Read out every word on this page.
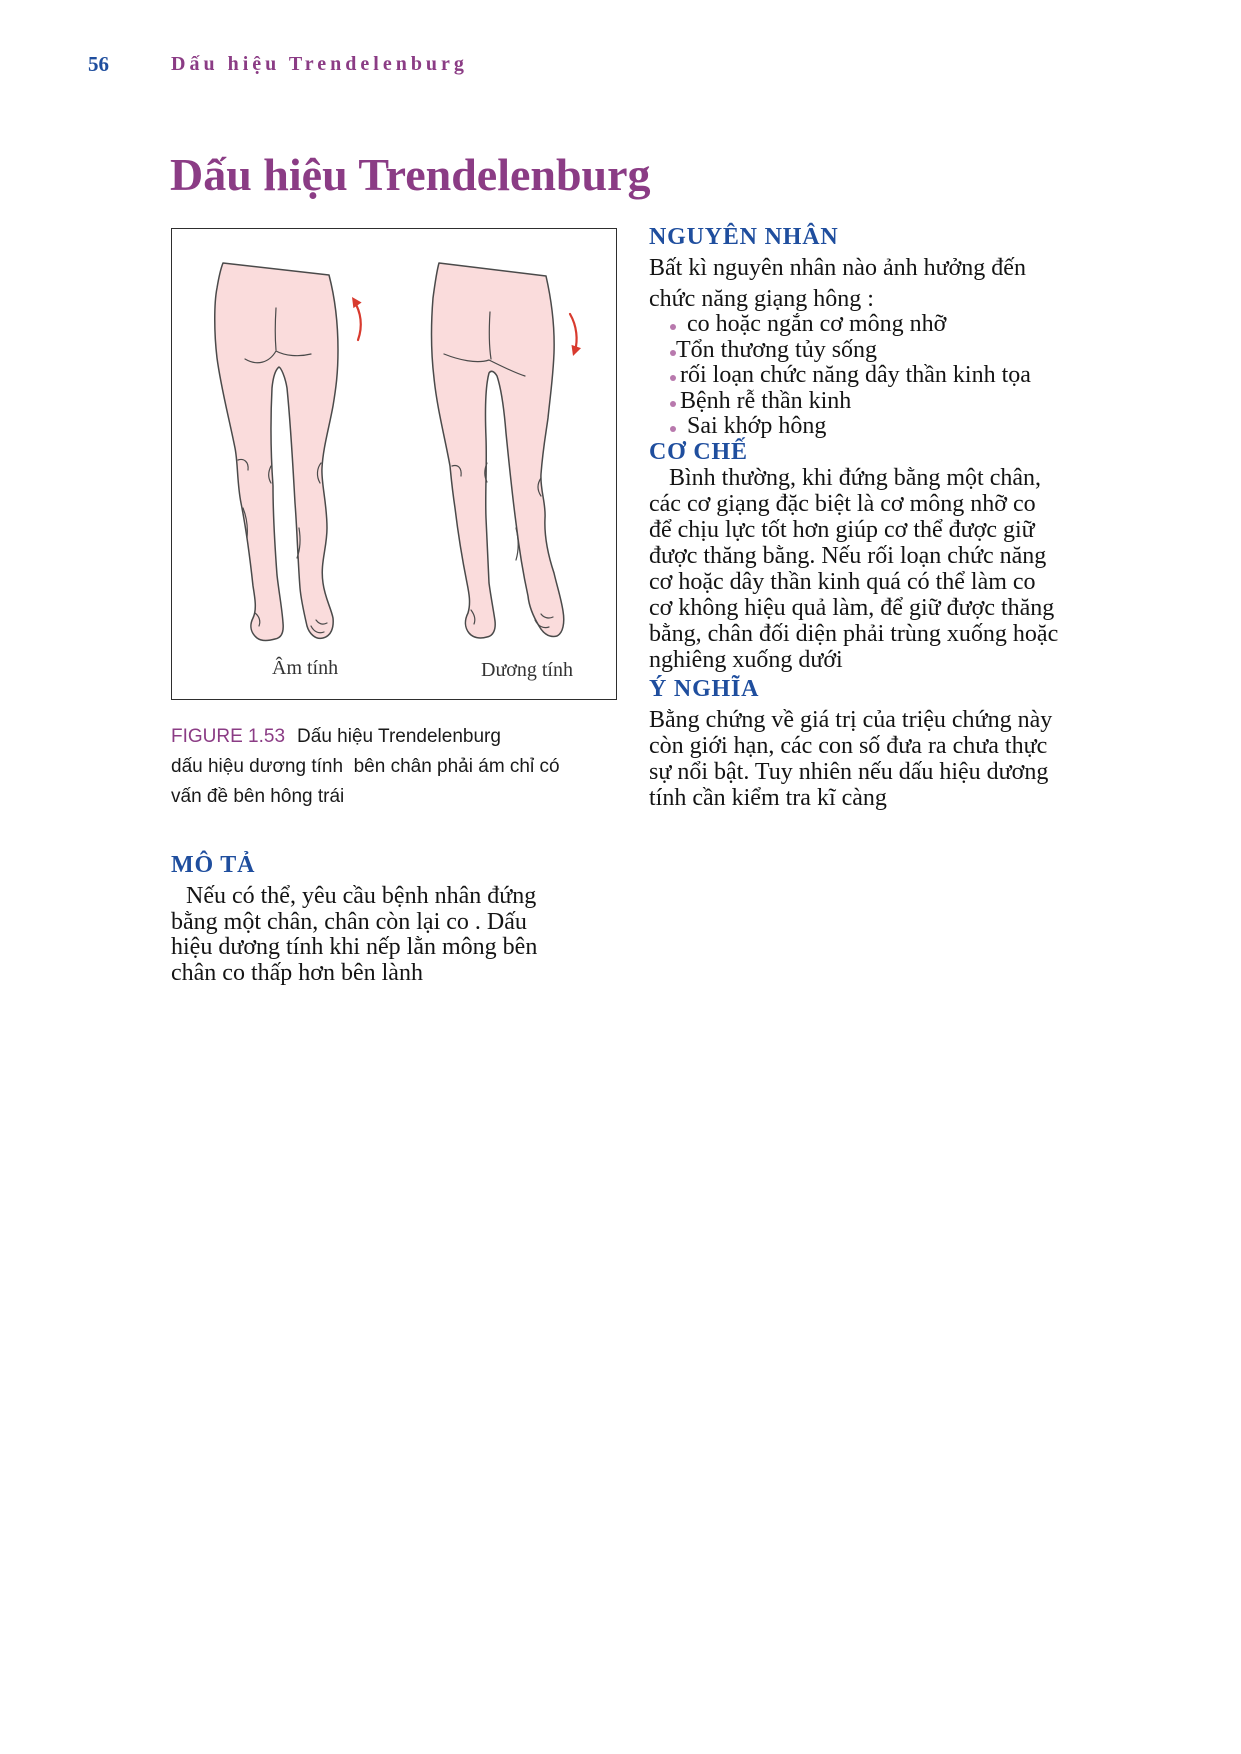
56	Dấu hiệu Trendelenburg
Dấu hiệu Trendelenburg
Âm tính	Dương tính
FIGURE 1.53 Dấu hiệu Trendelenburg
dấu hiệu dương tính  bên chân phải ám chỉ có
vấn đề bên hông trái
MÔ TẢ
Nếu có thể, yêu cầu bệnh nhân đứng
bằng một chân, chân còn lại co . Dấu
hiệu dương tính khi nếp lằn mông bên
chân co thấp hơn bên lành
NGUYÊN NHÂN
Bất kì nguyên nhân nào ảnh hưởng đến
chức năng giạng hông :
co hoặc ngắn cơ mông nhỡ
Tổn thương tủy sống
rối loạn chức năng dây thần kinh tọa
Bệnh rễ thần kinh
Sai khớp hông
CƠ CHẾ
Bình thường, khi đứng bằng một chân,
các cơ giạng đặc biệt là cơ mông nhỡ co
để chịu lực tốt hơn giúp cơ thể được giữ
được thăng bằng. Nếu rối loạn chức năng
cơ hoặc dây thần kinh quá có thể làm co
cơ không hiệu quả làm, để giữ được thăng
bằng, chân đối diện phải trùng xuống hoặc
nghiêng xuống dưới
Ý NGHĨA
Bằng chứng về giá trị của triệu chứng này
còn giới hạn, các con số đưa ra chưa thực
sự nổi bật. Tuy nhiên nếu dấu hiệu dương
tính cần kiểm tra kĩ càng
